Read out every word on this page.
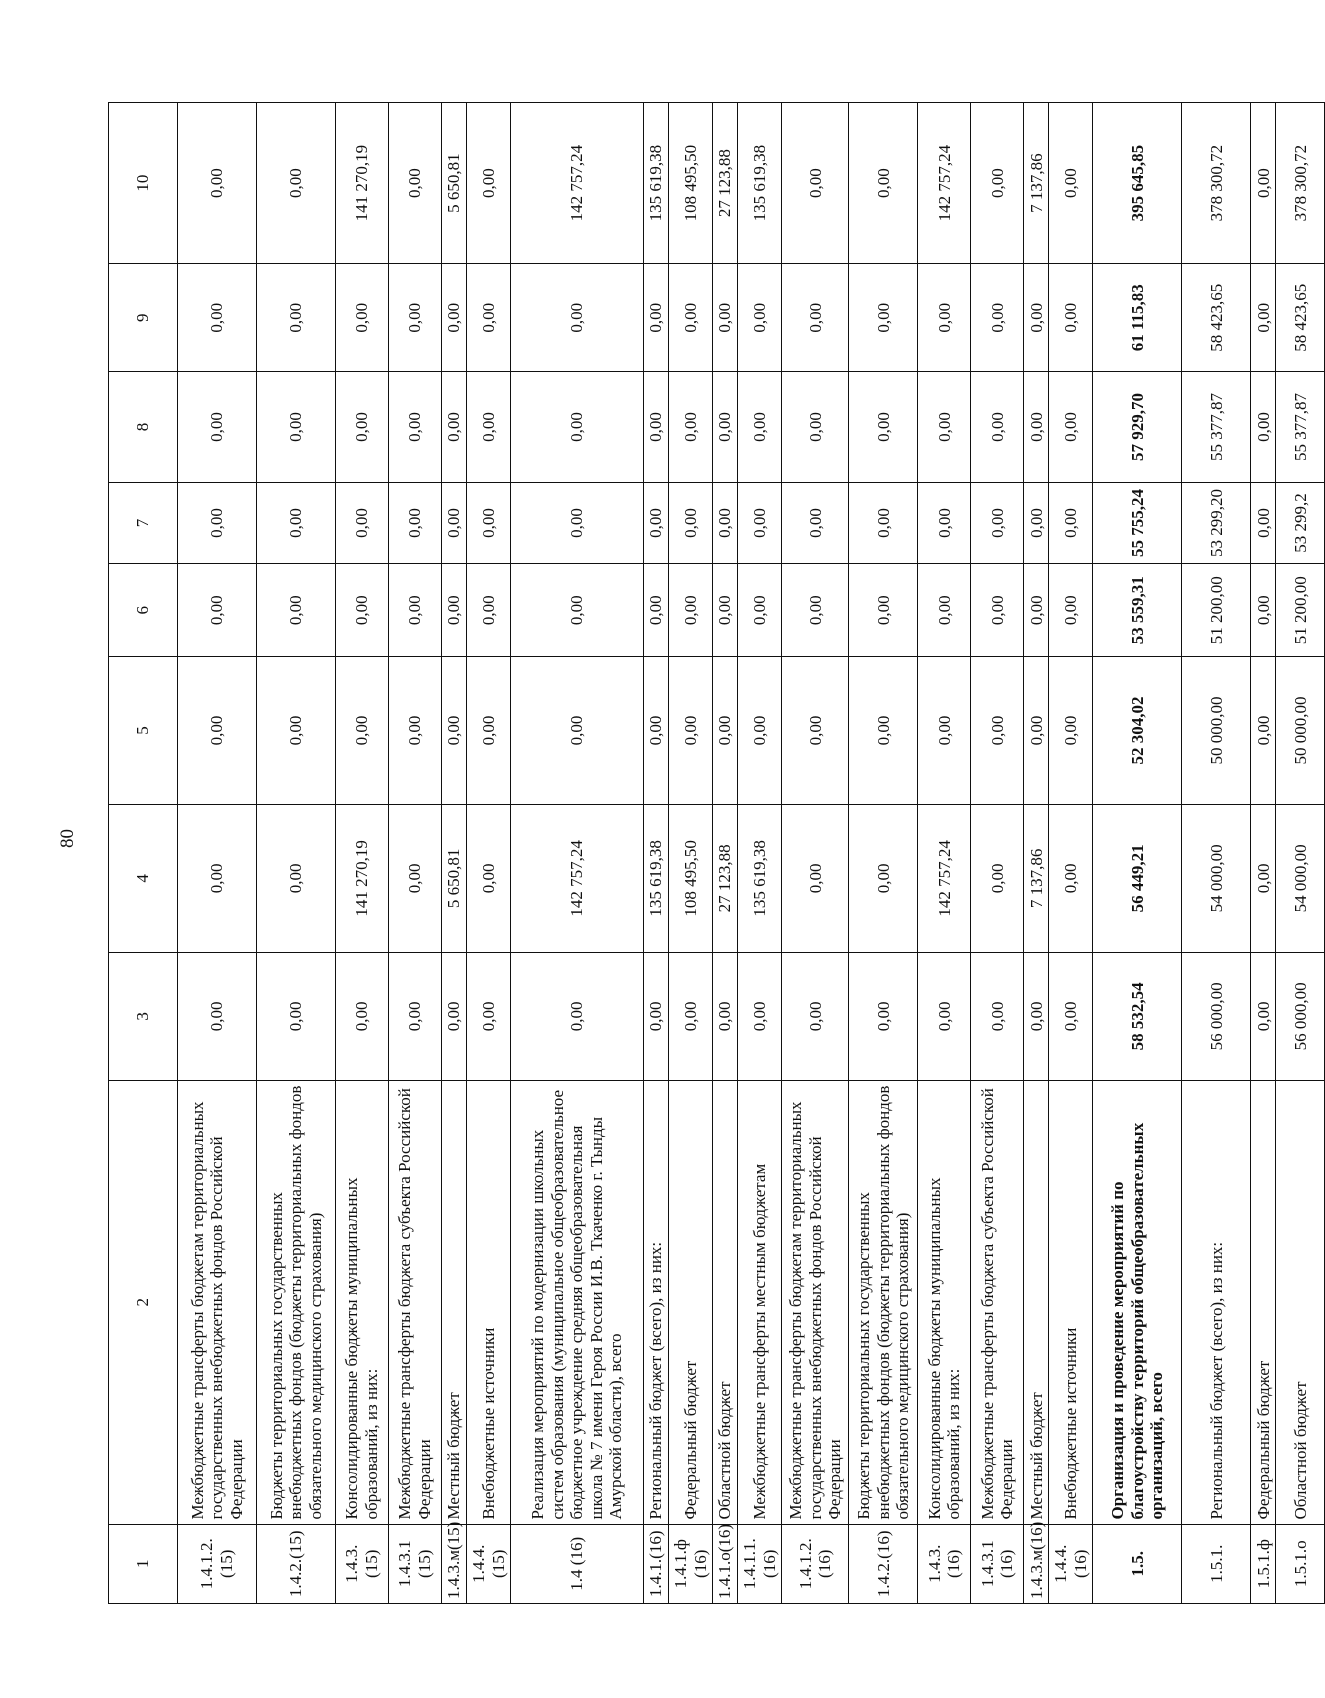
80
1	2	3	4	5	6	7	8	9	10
1.4.1.2.(15)	Межбюджетные трансферты бюджетам территориальных государственных внебюджетных фондов Российской Федерации	0,00	0,00	0,00	0,00	0,00	0,00	0,00	0,00
1.4.2.(15)	Бюджеты территориальных государственных внебюджетных фондов (бюджеты территориальных фондов обязательного медицинского страхования)	0,00	0,00	0,00	0,00	0,00	0,00	0,00	0,00
1.4.3. (15)	Консолидированные бюджеты муниципальных образований, из них:	0,00	141 270,19	0,00	0,00	0,00	0,00	0,00	141 270,19
1.4.3.1 (15)	Межбюджетные трансферты бюджета субъекта Российской Федерации	0,00	0,00	0,00	0,00	0,00	0,00	0,00	0,00
1.4.3.м(15)	Местный бюджет	0,00	5 650,81	0,00	0,00	0,00	0,00	0,00	5 650,81
1.4.4. (15)	Внебюджетные источники	0,00	0,00	0,00	0,00	0,00	0,00	0,00	0,00
1.4 (16)	Реализация мероприятий по модернизации школьных систем образования (муниципальное общеобразовательное бюджетное учреждение средняя общеобразовательная школа № 7 имени Героя России И.В. Ткаченко г. Тынды Амурской области), всего	0,00	142 757,24	0,00	0,00	0,00	0,00	0,00	142 757,24
1.4.1.(16)	Региональный бюджет (всего), из них:	0,00	135 619,38	0,00	0,00	0,00	0,00	0,00	135 619,38
1.4.1.ф (16)	Федеральный бюджет	0,00	108 495,50	0,00	0,00	0,00	0,00	0,00	108 495,50
1.4.1.о(16)	Областной бюджет	0,00	27 123,88	0,00	0,00	0,00	0,00	0,00	27 123,88
1.4.1.1.(16)	Межбюджетные трансферты местным бюджетам	0,00	135 619,38	0,00	0,00	0,00	0,00	0,00	135 619,38
1.4.1.2.(16)	Межбюджетные трансферты бюджетам территориальных государственных внебюджетных фондов Российской Федерации	0,00	0,00	0,00	0,00	0,00	0,00	0,00	0,00
1.4.2.(16)	Бюджеты территориальных государственных внебюджетных фондов (бюджеты территориальных фондов обязательного медицинского страхования)	0,00	0,00	0,00	0,00	0,00	0,00	0,00	0,00
1.4.3. (16)	Консолидированные бюджеты муниципальных образований, из них:	0,00	142 757,24	0,00	0,00	0,00	0,00	0,00	142 757,24
1.4.3.1 (16)	Межбюджетные трансферты бюджета субъекта Российской Федерации	0,00	0,00	0,00	0,00	0,00	0,00	0,00	0,00
1.4.3.м(16)	Местный бюджет	0,00	7 137,86	0,00	0,00	0,00	0,00	0,00	7 137,86
1.4.4. (16)	Внебюджетные источники	0,00	0,00	0,00	0,00	0,00	0,00	0,00	0,00
1.5.	Организация и проведение мероприятий по благоустройству территорий общеобразовательных организаций, всего	58 532,54	56 449,21	52 304,02	53 559,31	55 755,24	57 929,70	61 115,83	395 645,85
1.5.1.	Региональный бюджет (всего), из них:	56 000,00	54 000,00	50 000,00	51 200,00	53 299,20	55 377,87	58 423,65	378 300,72
1.5.1.ф	Федеральный бюджет	0,00	0,00	0,00	0,00	0,00	0,00	0,00	0,00
1.5.1.о	Областной бюджет	56 000,00	54 000,00	50 000,00	51 200,00	53 299,2	55 377,87	58 423,65	378 300,72
